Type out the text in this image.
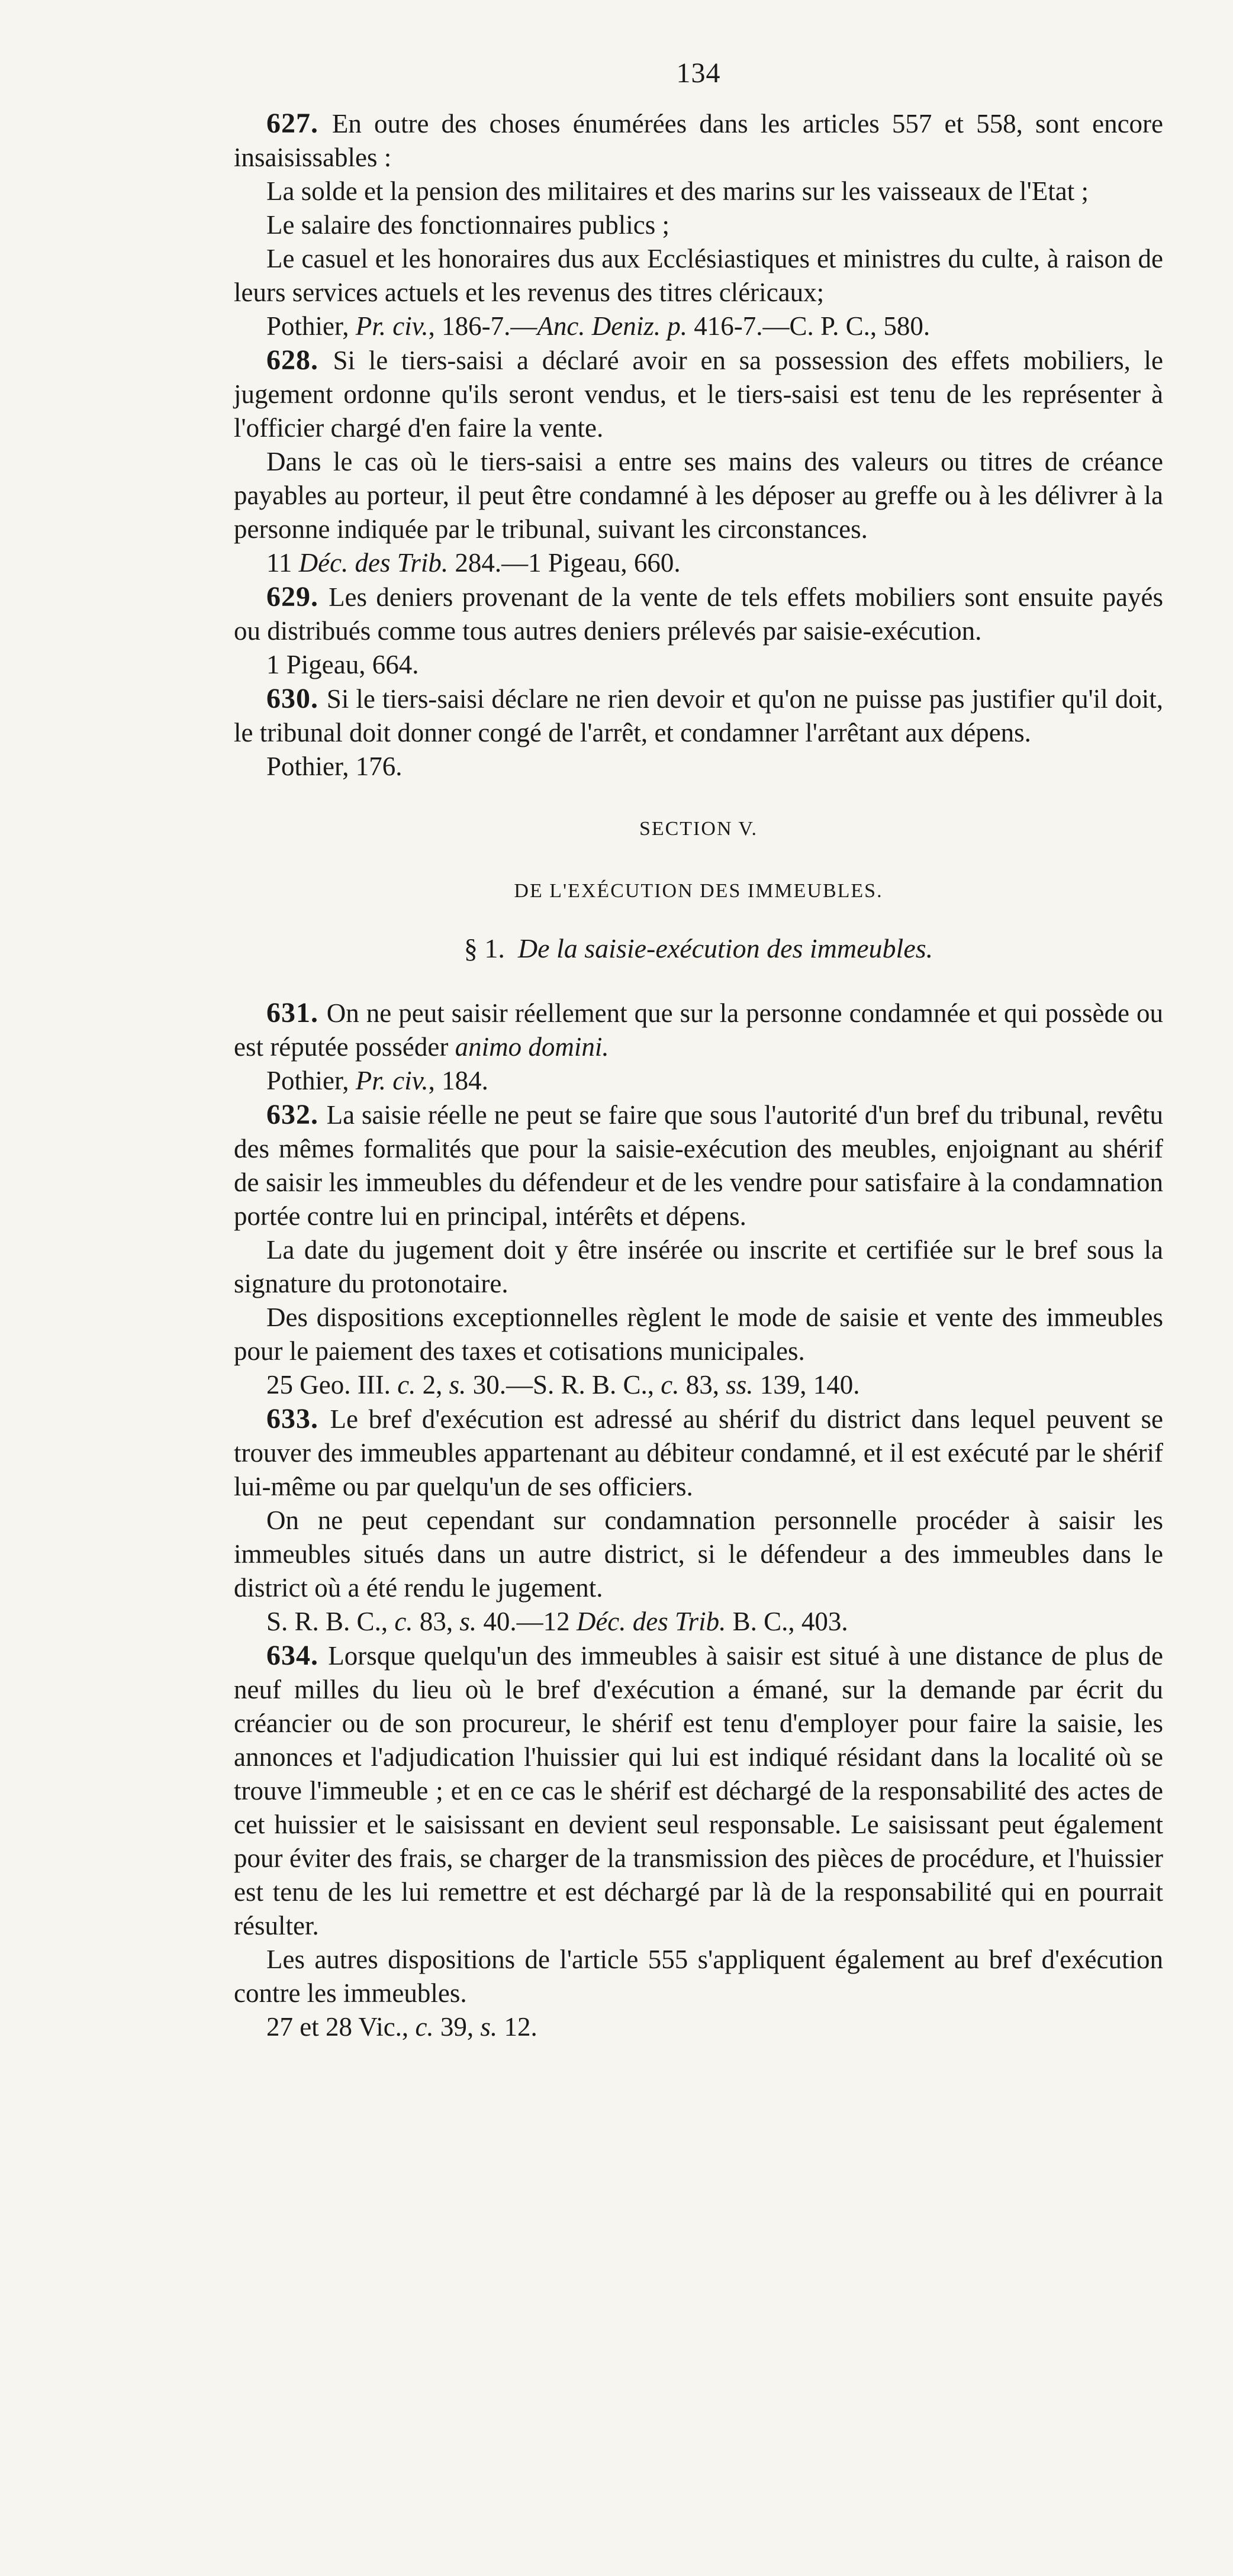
134
627. En outre des choses énumérées dans les articles 557 et 558, sont encore insaisissables :
La solde et la pension des militaires et des marins sur les vaisseaux de l'Etat ;
Le salaire des fonctionnaires publics ;
Le casuel et les honoraires dus aux Ecclésiastiques et ministres du culte, à raison de leurs services actuels et les revenus des titres cléricaux;
Pothier, Pr. civ., 186-7.—Anc. Deniz. p. 416-7.—C. P. C., 580.
628. Si le tiers-saisi a déclaré avoir en sa possession des effets mobiliers, le jugement ordonne qu'ils seront vendus, et le tiers-saisi est tenu de les représenter à l'officier chargé d'en faire la vente.
Dans le cas où le tiers-saisi a entre ses mains des valeurs ou titres de créance payables au porteur, il peut être condamné à les déposer au greffe ou à les délivrer à la personne indiquée par le tribunal, suivant les circonstances.
11 Déc. des Trib. 284.—1 Pigeau, 660.
629. Les deniers provenant de la vente de tels effets mobiliers sont ensuite payés ou distribués comme tous autres deniers prélevés par saisie-exécution.
1 Pigeau, 664.
630. Si le tiers-saisi déclare ne rien devoir et qu'on ne puisse pas justifier qu'il doit, le tribunal doit donner congé de l'arrêt, et condamner l'arrêtant aux dépens.
Pothier, 176.
SECTION V.
DE L'EXÉCUTION DES IMMEUBLES.
§ 1. De la saisie-exécution des immeubles.
631. On ne peut saisir réellement que sur la personne condamnée et qui possède ou est réputée posséder animo domini.
Pothier, Pr. civ., 184.
632. La saisie réelle ne peut se faire que sous l'autorité d'un bref du tribunal, revêtu des mêmes formalités que pour la saisie-exécution des meubles, enjoignant au shérif de saisir les immeubles du défendeur et de les vendre pour satisfaire à la condamnation portée contre lui en principal, intérêts et dépens.
La date du jugement doit y être insérée ou inscrite et certifiée sur le bref sous la signature du protonotaire.
Des dispositions exceptionnelles règlent le mode de saisie et vente des immeubles pour le paiement des taxes et cotisations municipales.
25 Geo. III. c. 2, s. 30.—S. R. B. C., c. 83, ss. 139, 140.
633. Le bref d'exécution est adressé au shérif du district dans lequel peuvent se trouver des immeubles appartenant au débiteur condamné, et il est exécuté par le shérif lui-même ou par quelqu'un de ses officiers.
On ne peut cependant sur condamnation personnelle procéder à saisir les immeubles situés dans un autre district, si le défendeur a des immeubles dans le district où a été rendu le jugement.
S. R. B. C., c. 83, s. 40.—12 Déc. des Trib. B. C., 403.
634. Lorsque quelqu'un des immeubles à saisir est situé à une distance de plus de neuf milles du lieu où le bref d'exécution a émané, sur la demande par écrit du créancier ou de son procureur, le shérif est tenu d'employer pour faire la saisie, les annonces et l'adjudication l'huissier qui lui est indiqué résidant dans la localité où se trouve l'immeuble ; et en ce cas le shérif est déchargé de la responsabilité des actes de cet huissier et le saisissant en devient seul responsable. Le saisissant peut également pour éviter des frais, se charger de la transmission des pièces de procédure, et l'huissier est tenu de les lui remettre et est déchargé par là de la responsabilité qui en pourrait résulter.
Les autres dispositions de l'article 555 s'appliquent également au bref d'exécution contre les immeubles.
27 et 28 Vic., c. 39, s. 12.
